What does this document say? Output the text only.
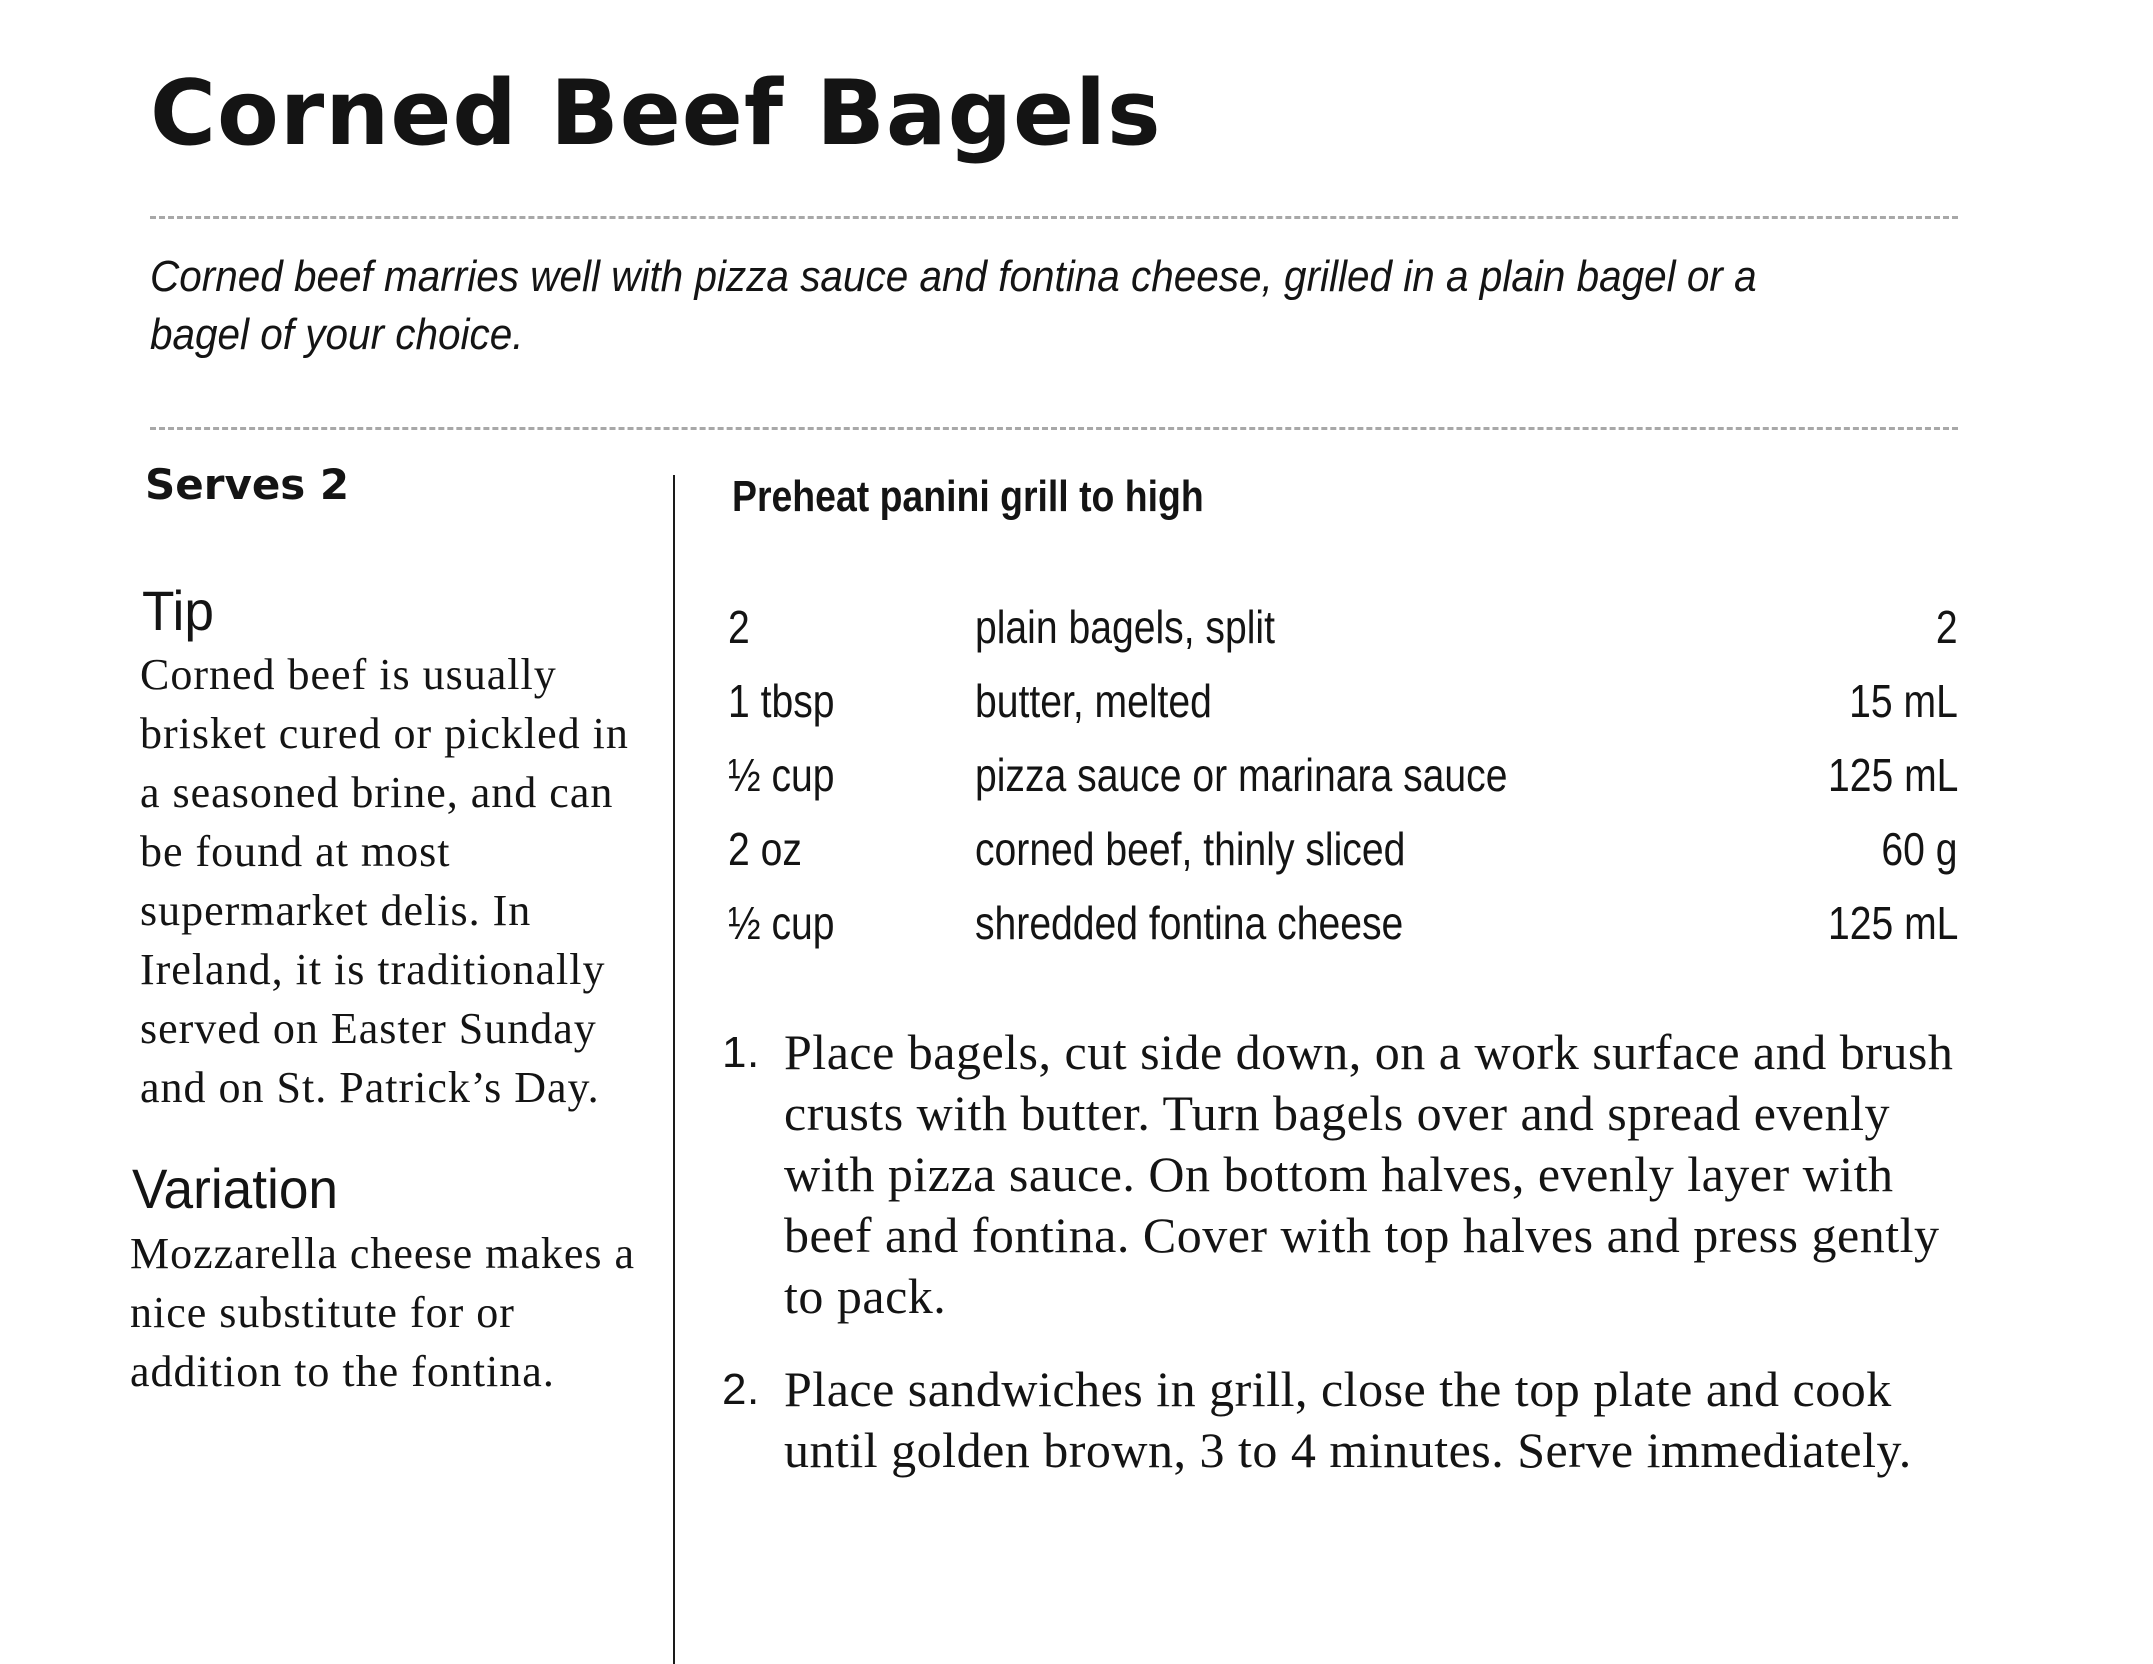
Corned Beef Bagels

Corned beef marries well with pizza sauce and fontina cheese, grilled in a plain bagel or a bagel of your choice.

Serves 2
Tip

Corned beef is usually brisket cured or pickled in a seasoned brine, and can be found at most supermarket delis. In Ireland, it is traditionally served on Easter Sunday and on St. Patrick’s Day.

Variation

Mozzarella cheese makes a nice substitute for or addition to the fontina.

Preheat panini grill to high
2	plain bagels, split	2
1 tbsp	butter, melted	15 mL
½ cup	pizza sauce or marinara sauce	125 mL
2 oz	corned beef, thinly sliced	60 g
½ cup	shredded fontina cheese	125 mL
1. Place bagels, cut side down, on a work surface and brush crusts with butter. Turn bagels over and spread evenly with pizza sauce. On bottom halves, evenly layer with beef and fontina. Cover with top halves and press gently to pack.
2. Place sandwiches in grill, close the top plate and cook until golden brown, 3 to 4 minutes. Serve immediately.
